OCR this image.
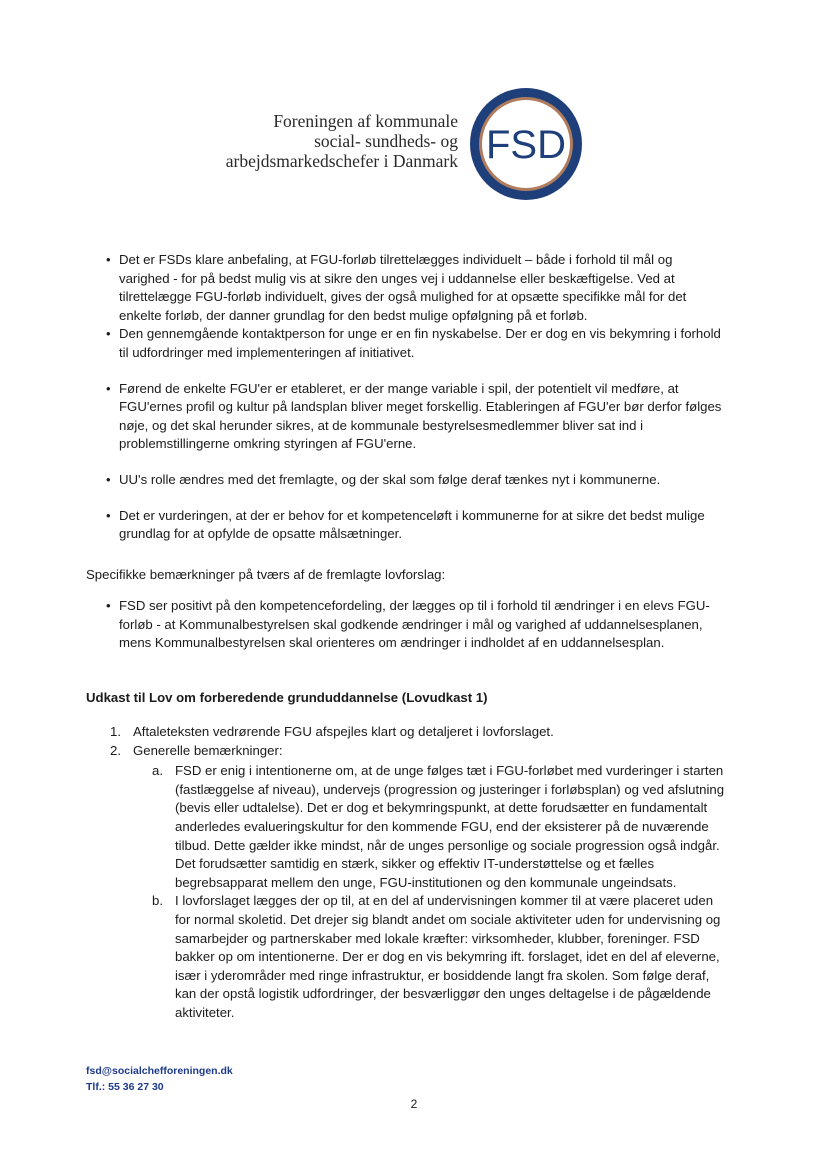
Foreningen af kommunale
social- sundheds- og
arbejdsmarkedschefer i Danmark FSD
• Det er FSDs klare anbefaling, at FGU-forløb tilrettelægges individuelt – både i forhold til mål og varighed - for på bedst mulig vis at sikre den unges vej i uddannelse eller beskæftigelse. Ved at tilrettelægge FGU-forløb individuelt, gives der også mulighed for at opsætte specifikke mål for det enkelte forløb, der danner grundlag for den bedst mulige opfølgning på et forløb.
• Den gennemgående kontaktperson for unge er en fin nyskabelse. Der er dog en vis bekymring i forhold til udfordringer med implementeringen af initiativet.
• Førend de enkelte FGU'er er etableret, er der mange variable i spil, der potentielt vil medføre, at FGU'ernes profil og kultur på landsplan bliver meget forskellig. Etableringen af FGU'er bør derfor følges nøje, og det skal herunder sikres, at de kommunale bestyrelsesmedlemmer bliver sat ind i problemstillingerne omkring styringen af FGU'erne.
• UU's rolle ændres med det fremlagte, og der skal som følge deraf tænkes nyt i kommunerne.
• Det er vurderingen, at der er behov for et kompetenceløft i kommunerne for at sikre det bedst mulige grundlag for at opfylde de opsatte målsætninger.
Specifikke bemærkninger på tværs af de fremlagte lovforslag:
• FSD ser positivt på den kompetencefordeling, der lægges op til i forhold til ændringer i en elevs FGU-forløb - at Kommunalbestyrelsen skal godkende ændringer i mål og varighed af uddannelsesplanen, mens Kommunalbestyrelsen skal orienteres om ændringer i indholdet af en uddannelsesplan.
Udkast til Lov om forberedende grunduddannelse (Lovudkast 1)
1. Aftaleteksten vedrørende FGU afspejles klart og detaljeret i lovforslaget.
2. Generelle bemærkninger:
a. FSD er enig i intentionerne om, at de unge følges tæt i FGU-forløbet med vurderinger i starten (fastlæggelse af niveau), undervejs (progression og justeringer i forløbsplan) og ved afslutning (bevis eller udtalelse). Det er dog et bekymringspunkt, at dette forudsætter en fundamentalt anderledes evalueringskultur for den kommende FGU, end der eksisterer på de nuværende tilbud. Dette gælder ikke mindst, når de unges personlige og sociale progression også indgår. Det forudsætter samtidig en stærk, sikker og effektiv IT-understøttelse og et fælles begrebsapparat mellem den unge, FGU-institutionen og den kommunale ungeindsats.
b. I lovforslaget lægges der op til, at en del af undervisningen kommer til at være placeret uden for normal skoletid. Det drejer sig blandt andet om sociale aktiviteter uden for undervisning og samarbejder og partnerskaber med lokale kræfter: virksomheder, klubber, foreninger. FSD bakker op om intentionerne. Der er dog en vis bekymring ift. forslaget, idet en del af eleverne, især i yderområder med ringe infrastruktur, er bosiddende langt fra skolen. Som følge deraf, kan der opstå logistik udfordringer, der besværliggør den unges deltagelse i de pågældende aktiviteter.
fsd@socialchefforeningen.dk
Tlf.: 55 36 27 30
2
